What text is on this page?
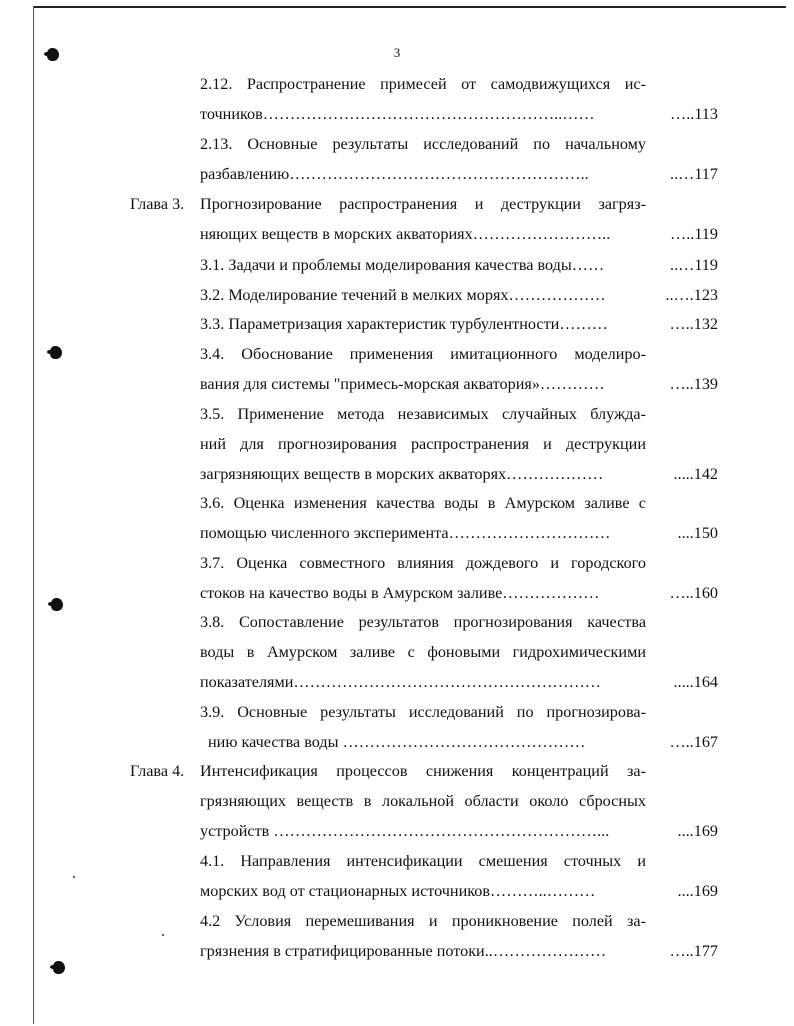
3
2.12. Распространение примесей от самодвижущихся ис-
точников………………………………………………..……	…..113
2.13. Основные результаты исследований по начальному
разбавлению………………………………………………..	..…117
Глава 3. Прогнозирование распространения и деструкции загряз-
няющих веществ в морских акваториях……………………..	…..119
3.1. Задачи и проблемы моделирования качества воды……	..…119
3.2. Моделирование течений в мелких морях………………	..….123
3.3. Параметризация характеристик турбулентности………	…..132
3.4. Обоснование применения имитационного моделиро-
вания для системы "примесь-морская акватория»…………	…..139
3.5. Применение метода независимых случайных блужда-
ний для прогнозирования распространения и деструкции
загрязняющих веществ в морских акваторях………………	.....142
3.6. Оценка изменения качества воды в Амурском заливе с
помощью численного эксперимента…………………………	....150
3.7. Оценка совместного влияния дождевого и городского
стоков на качество воды в Амурском заливе………………	…..160
3.8. Сопоставление результатов прогнозирования качества
воды в Амурском заливе с фоновыми гидрохимическими
показателями…………………………………………………	.....164
3.9. Основные результаты исследований по прогнозирова-
нию качества воды ………………………………………	…..167
Глава 4. Интенсификация процессов снижения концентраций за-
грязняющих веществ в локальной области около сбросных
устройств ……………………………………………………...	....169
4.1. Направления интенсификации смешения сточных и
морских вод от стационарных источников………..………	....169
4.2 Условия перемешивания и проникновение полей за-
грязнения в стратифицированные потоки..…………………	…..177
